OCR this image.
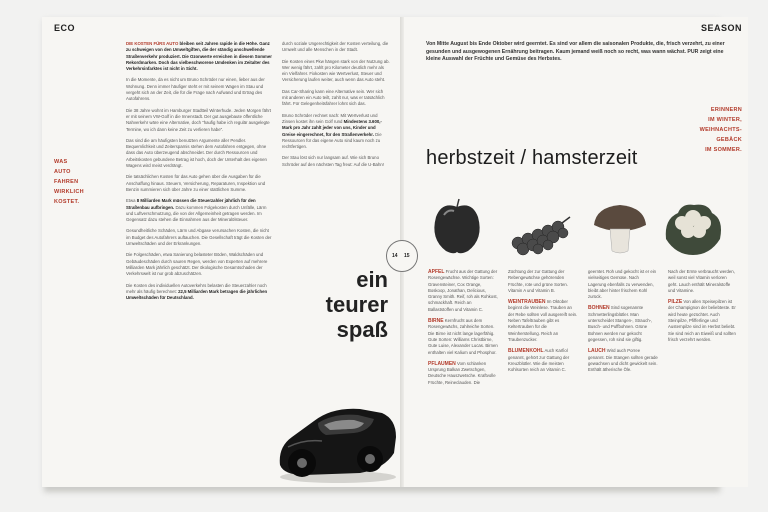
ECO
WAS
AUTO
FAHREN
WIRKLICH
KOSTET.

DIE KOSTEN FÜRS AUTO bleiben seit Jahren rapide in die Höhe. Ganz zu schweigen von den Umweltgiften, die der ständig anschwellende Straßenverkehr produziert. Die Ozonwerte erreichen in diesem Sommer Rekordmarken. Doch das vielbeschworene Umdenken im Zeitalter des Verkehrsinfarktes ist nicht in Sicht.

In die Momente, da es nicht um Bruno Schröder nur einen, lieber aus der Wohnung. Denn immer häufiger steht er mit seinem Wagen im Stau und vergeht sich an der Zeit, die für die Frage nach Aufwand und Ertrag des Autofahrens.

Die 38 Jahre wohnt im Hamburger Stadtteil Winterhude. Jeden Morgen fährt er mit seinem VW-Golf in die Innenstadt. Der gut ausgebaute öffentliche Nahverkehr wäre eine Alternative, doch "haufig habe ich regulär ausgelegte Termine, wo ich dann keine Zeit zu verlieren habe".

Das sind die am häufigsten benutzten Argumente aller Pendler. Bequemlichkeit und Zeitersparnis stehen dem Autofahren entgegen, ohne dass das Auto überzeugend abschneidet. Der durch Ressourcen und Arbeitskosten gebundene Betrag ist hoch, doch der Unterhalt des eigenen Wagens wird meist verdrängt.

Die tatsächlichen Kosten für das Auto gehen über die Ausgaben für die Anschaffung hinaus. Steuern, Versicherung, Reparaturen, Inspektion und Benzin summieren sich über Jahre zu einer stattlichen Summe.

Etwa 8 Milliarden Mark müssen die Steuerzahler jährlich für den Straßenbau aufbringen. Dazu kommen Folgekosten durch Unfälle, Lärm und Luftverschmutzung, die von der Allgemeinheit getragen werden. Im Gegensatz dazu stehen die Einnahmen aus der Mineralölsteuer.

Gesundheitliche Schäden, Lärm und Abgase verursachen Kosten, die nicht im Budget des Autofahrers auftauchen. Die Gesellschaft trägt die Kosten der Umweltschäden und der Erkrankungen.

Die Folgeschäden, etwa Sanierung belasteter Böden, Waldschäden und Gebäudeschäden durch sauren Regen, werden von Experten auf mehrere Milliarden Mark jährlich geschätzt. Der ökologische Gesamtschaden der Verkehrswelt ist nur grob abzuschätzen.

Die Kosten des individuellen Autoverkehrs belasten die Steuerzahler noch mehr als häufig berechnet: 22,5 Milliarden Mark betragen die jährlichen Umweltschäden für Deutschland.

durch soziale Ungerechtigkeit der Kosten verteilung, die Umwelt und alle Menschen in der Stadt.

Die Kosten eines Pkw hängen stark von der Nutzung ab. Wer wenig fährt, zahlt pro Kilometer deutlich mehr als ein Vielfahrer. Fixkosten wie Wertverlust, Steuer und Versicherung laufen weiter, auch wenn das Auto steht.

Das Car-Sharing kann eine Alternative sein. Wer sich mit anderen ein Auto teilt, zahlt nur, was er tatsächlich fährt. Für Gelegenheitsfahrer lohnt sich das.

Bruno Schröder rechnet nach: Mit Wertverlust und Zinsen kostet ihn sein Golf rund Mindestens 3.600,- Mark pro Jahr zahlt jeder von uns, Kinder und Greise eingerechnet, für den Straßenverkehr. Die Ressourcen für das eigene Auto sind kaum noch zu rechtfertigen.

Der Stau löst sich nur langsam auf. Wie sich Bruno Schröder auf den nächsten Tag freut: Auf die U-Bahn!

ein
teurer
spaß

SEASON
Von Mitte August bis Ende Oktober wird geerntet. Es sind vor allem die saisonalen Produkte, die, frisch verzehrt, zu einer gesunden und ausgewogenen Ernährung beitragen. Kaum jemand weiß noch so recht, was wann wächst. PUR zeigt eine kleine Auswahl der Früchte und Gemüse des Herbstes.
ERINNERN
IM WINTER,
WEIHNACHTS-
GEBÄCK
IM SOMMER.
herbstzeit / hamsterzeit

APFEL Frucht aus der Gattung der Rosengewächse. Wichtige Sorten: Gravensteiner, Cox Orange, Boskoop, Jonathan, Delicious, Granny Smith. Reif, roh als Rohkost, schmackhaft. Reich an Ballaststoffen und Vitamin C.

BIRNE Kernfrucht aus dem Rosengewächs, zahlreiche Sorten. Die Birne ist nicht lange lagerfähig. Gute Sorten: Williams Christbirne, Gute Luise, Alexander Lucas. Birnen enthalten viel Kalium und Phosphor.

PFLAUMEN Vom schlanken Ursprung Balkan Zwetschgen, Deutsche Hauszwetsche. Kraftvolle Früchte, Reineclauden. Die

Züchtung der zur Gattung der Rebengewächse gehörenden Früchte, rote und grüne Sorten. Vitamin A und Vitamin B.

WEINTRAUBEN Im Oktober beginnt die Weinlese. Trauben an der Rebe sollten voll ausgereift sein. Neben Tafeltrauben gibt es Keltertrauben für die Weinherstellung. Reich an Traubenzucker.

BLUMENKOHL Auch Karfiol genannt, gehört zur Gattung der Kreuzblütler. Wie die meisten Kohlsorten reich an Vitamin C.

geerntet. Roh und gekocht ist er ein vielseitiges Gemüse. Nach Lagerung ebenfalls zu verwenden, bleibt aber hinter frischem Kohl zurück.

BOHNEN Sind sogenannte Schmetterlingsblütler. Man unterscheidet Stangen-, Strauch-, Busch- und Puffbohnen. Grüne Bohnen werden nur gekocht gegessen, roh sind sie giftig.

LAUCH Wird auch Porree genannt. Die Stangen sollten gerade gewachsen und dicht gewickelt sein. Enthält ätherische Öle.

Nach der Ernte verbraucht werden, weil sonst viel Vitamin verloren geht. Lauch enthält Mineralstoffe und Vitamine.

PILZE Von allen Speisepilzen ist der Champignon der beliebteste. Er wird heute gezüchtet. Auch Steinpilze, Pfifferlinge und Austernpilze sind im Herbst beliebt. Sie sind reich an Eiweiß und sollten frisch verzehrt werden.

14 15
